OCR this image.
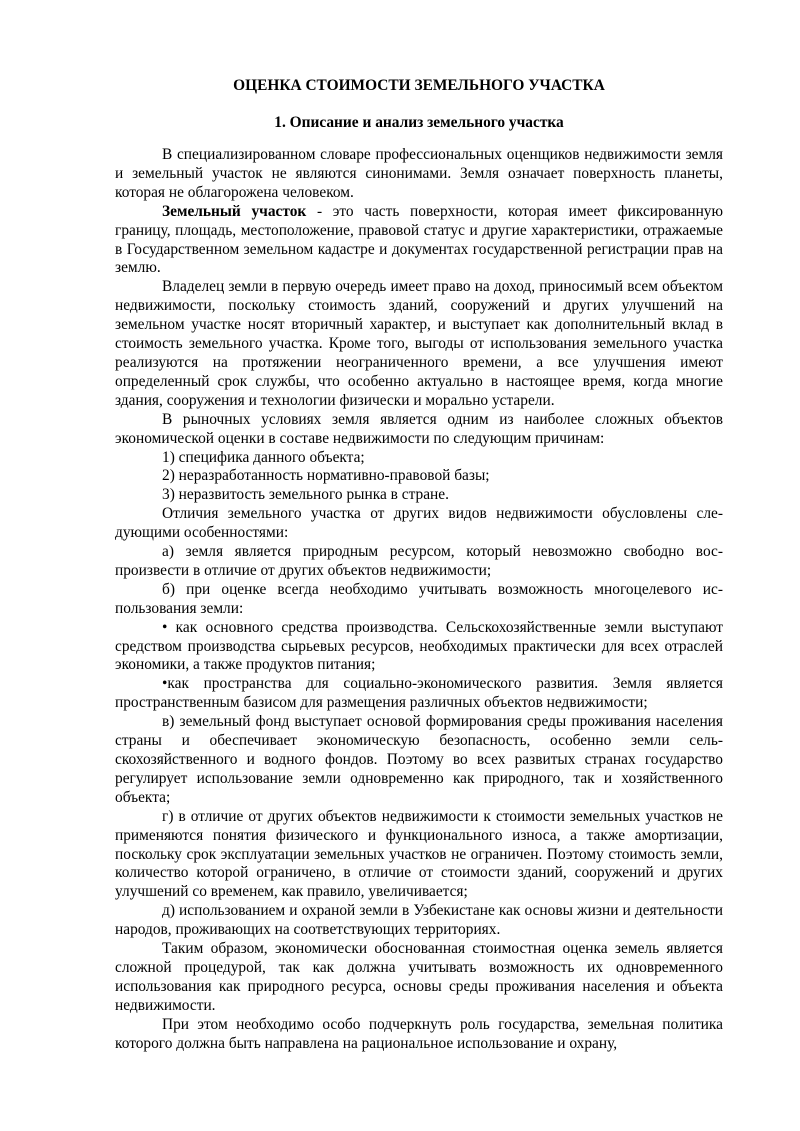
ОЦЕНКА СТОИМОСТИ ЗЕМЕЛЬНОГО УЧАСТКА
1. Описание и анализ земельного участка

В специализированном словаре профессиональных оценщиков недвижимости земля и земельный участок не являются синонимами. Земля означает поверхность планеты, которая не облагорожена человеком.

Земельный участок - это часть поверхности, которая имеет фиксированную границу, площадь, местоположение, правовой статус и другие характеристики, отражаемые в Государственном земельном кадастре и документах государственной регистрации прав на землю.

Владелец земли в первую очередь имеет право на доход, приносимый всем объектом недвижимости, поскольку стоимость зданий, сооружений и других улучшений на земельном участке носят вторичный характер, и выступает как дополнительный вклад в стоимость земельного участка. Кроме того, выгоды от использования земельного участка реализуются на протяжении неограниченного времени, а все улучшения имеют определенный срок службы, что особенно актуально в настоящее время, когда многие здания, сооружения и технологии физически и морально устарели.

В рыночных условиях земля является одним из наиболее сложных объектов экономической оценки в составе недвижимости по следующим причинам:

1) специфика данного объекта;

2) неразработанность нормативно-правовой базы;

3) неразвитость земельного рынка в стране.

Отличия земельного участка от других видов недвижимости обусловлены следующими особенностями:

а) земля является природным ресурсом, который невозможно свободно воспроизвести в отличие от других объектов недвижимости;

б) при оценке всегда необходимо учитывать возможность многоцелевого использования земли:

• как основного средства производства. Сельскохозяйственные земли выступают средством производства сырьевых ресурсов, необходимых практически для всех отраслей экономики, а также продуктов питания;

•как пространства для социально-экономического развития. Земля является пространственным базисом для размещения различных объектов недвижимости;

в) земельный фонд выступает основой формирования среды проживания населения страны и обеспечивает экономическую безопасность, особенно земли сельскохозяйственного и водного фондов. Поэтому во всех развитых странах государство регулирует использование земли одновременно как природного, так и хозяйственного объекта;

г) в отличие от других объектов недвижимости к стоимости земельных участков не применяются понятия физического и функционального износа, а также амортизации, поскольку срок эксплуатации земельных участков не ограничен. Поэтому стоимость земли, количество которой ограничено, в отличие от стоимости зданий, сооружений и других улучшений со временем, как правило, увеличивается;

д) использованием и охраной земли в Узбекистане как основы жизни и деятельности народов, проживающих на соответствующих территориях.

Таким образом, экономически обоснованная стоимостная оценка земель является сложной процедурой, так как должна учитывать возможность их одновременного использования как природного ресурса, основы среды проживания населения и объекта недвижимости.

При этом необходимо особо подчеркнуть роль государства, земельная политика которого должна быть направлена на рациональное использование и охрану,
